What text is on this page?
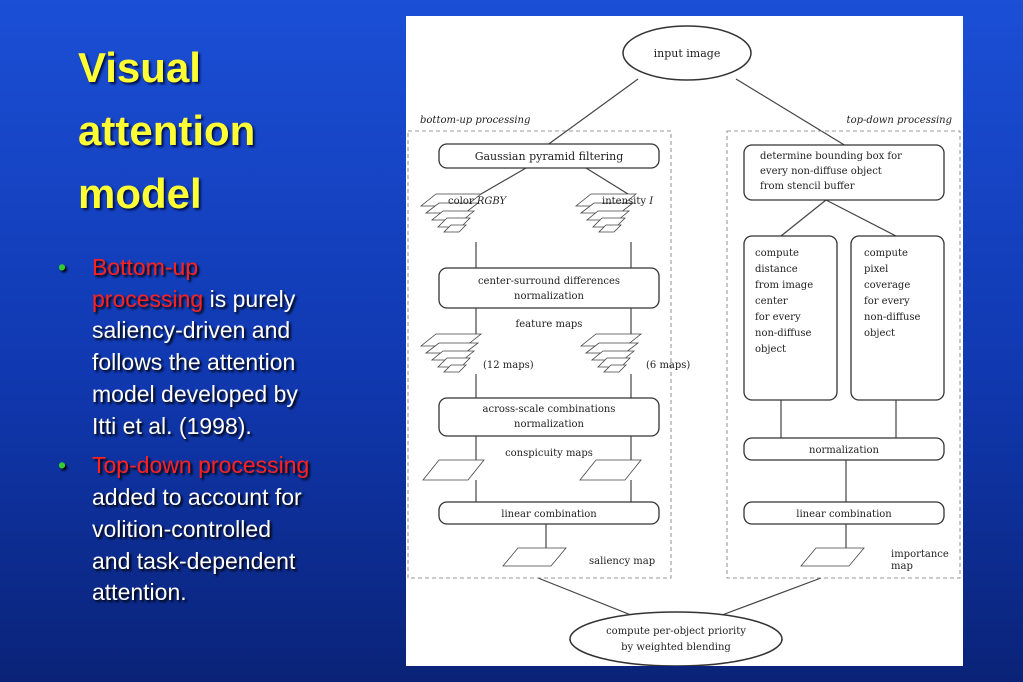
Visual
attention
model
• Bottom-up
processing is purely
saliency-driven and
follows the attention
model developed by
Itti et al. (1998).
• Top-down processing
added to account for
volition-controlled
and task-dependent
attention.
input image
bottom-up processing	top-down processing
Gaussian pyramid filtering
color RGBY	intensity I
center-surround differences
normalization
feature maps
(12 maps)	(6 maps)
across-scale combinations
normalization
conspicuity maps
linear combination
saliency map
determine bounding box for
every non-diffuse object
from stencil buffer
compute
distance
from image
center
for every
non-diffuse
object
compute
pixel
coverage
for every
non-diffuse
object
normalization
linear combination
importance
map
compute per-object priority
by weighted blending
